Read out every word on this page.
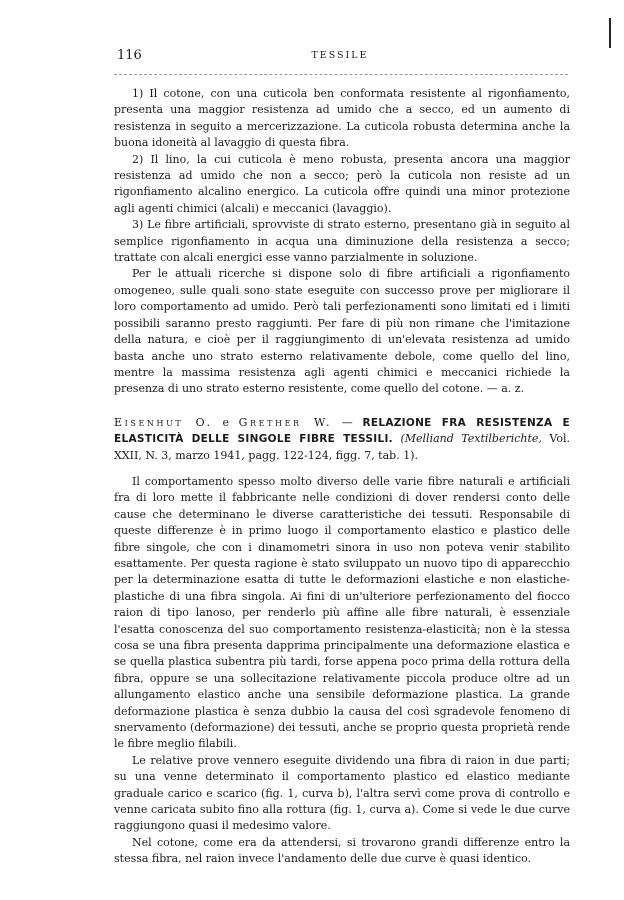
116	TESSILE

1) Il cotone, con una cuticola ben conformata resistente al rigonfiamento, presenta una maggior resistenza ad umido che a secco, ed un aumento di resistenza in seguito a mercerizzazione. La cuticola robusta determina anche la buona idoneità al lavaggio di questa fibra.

2) Il lino, la cui cuticola è meno robusta, presenta ancora una maggior resistenza ad umido che non a secco; però la cuticola non resiste ad un rigonfiamento alcalino energico. La cuticola offre quindi una minor protezione agli agenti chimici (alcali) e meccanici (lavaggio).

3) Le fibre artificiali, sprovviste di strato esterno, presentano già in seguito al semplice rigonfiamento in acqua una diminuzione della resistenza a secco; trattate con alcali energici esse vanno parzialmente in soluzione.

Per le attuali ricerche si dispone solo di fibre artificiali a rigonfiamento omogeneo, sulle quali sono state eseguite con successo prove per migliorare il loro comportamento ad umido. Però tali perfezionamenti sono limitati ed i limiti possibili saranno presto raggiunti. Per fare di più non rimane che l'imitazione della natura, e cioè per il raggiungimento di un'elevata resistenza ad umido basta anche uno strato esterno relativamente debole, come quello del lino, mentre la massima resistenza agli agenti chimici e meccanici richiede la presenza di uno strato esterno resistente, come quello del cotone. — a. z.

Eisenhut O. e Grether W. — RELAZIONE FRA RESISTENZA E ELASTICITÀ DELLE SINGOLE FIBRE TESSILI. (Melliand Textilberichte, Vol. XXII, N. 3, marzo 1941, pagg. 122-124, figg. 7, tab. 1).

Il comportamento spesso molto diverso delle varie fibre naturali e artificiali fra di loro mette il fabbricante nelle condizioni di dover rendersi conto delle cause che determinano le diverse caratteristiche dei tessuti. Responsabile di queste differenze è in primo luogo il comportamento elastico e plastico delle fibre singole, che con i dinamometri sinora in uso non poteva venir stabilito esattamente. Per questa ragione è stato sviluppato un nuovo tipo di apparecchio per la determinazione esatta di tutte le deformazioni elastiche e non elastiche-plastiche di una fibra singola. Ai fini di un'ulteriore perfezionamento del fiocco raion di tipo lanoso, per renderlo più affine alle fibre naturali, è essenziale l'esatta conoscenza del suo comportamento resistenza-elasticità; non è la stessa cosa se una fibra presenta dapprima principalmente una deformazione elastica e se quella plastica subentra più tardi, forse appena poco prima della rottura della fibra, oppure se una sollecitazione relativamente piccola produce oltre ad un allungamento elastico anche una sensibile deformazione plastica. La grande deformazione plastica è senza dubbio la causa del così sgradevole fenomeno di snervamento (deformazione) dei tessuti, anche se proprio questa proprietà rende le fibre meglio filabili.

Le relative prove vennero eseguite dividendo una fibra di raion in due parti; su una venne determinato il comportamento plastico ed elastico mediante graduale carico e scarico (fig. 1, curva b), l'altra servì come prova di controllo e venne caricata subito fino alla rottura (fig. 1, curva a). Come si vede le due curve raggiungono quasi il medesimo valore.

Nel cotone, come era da attendersi, si trovarono grandi differenze entro la stessa fibra, nel raion invece l'andamento delle due curve è quasi identico.
